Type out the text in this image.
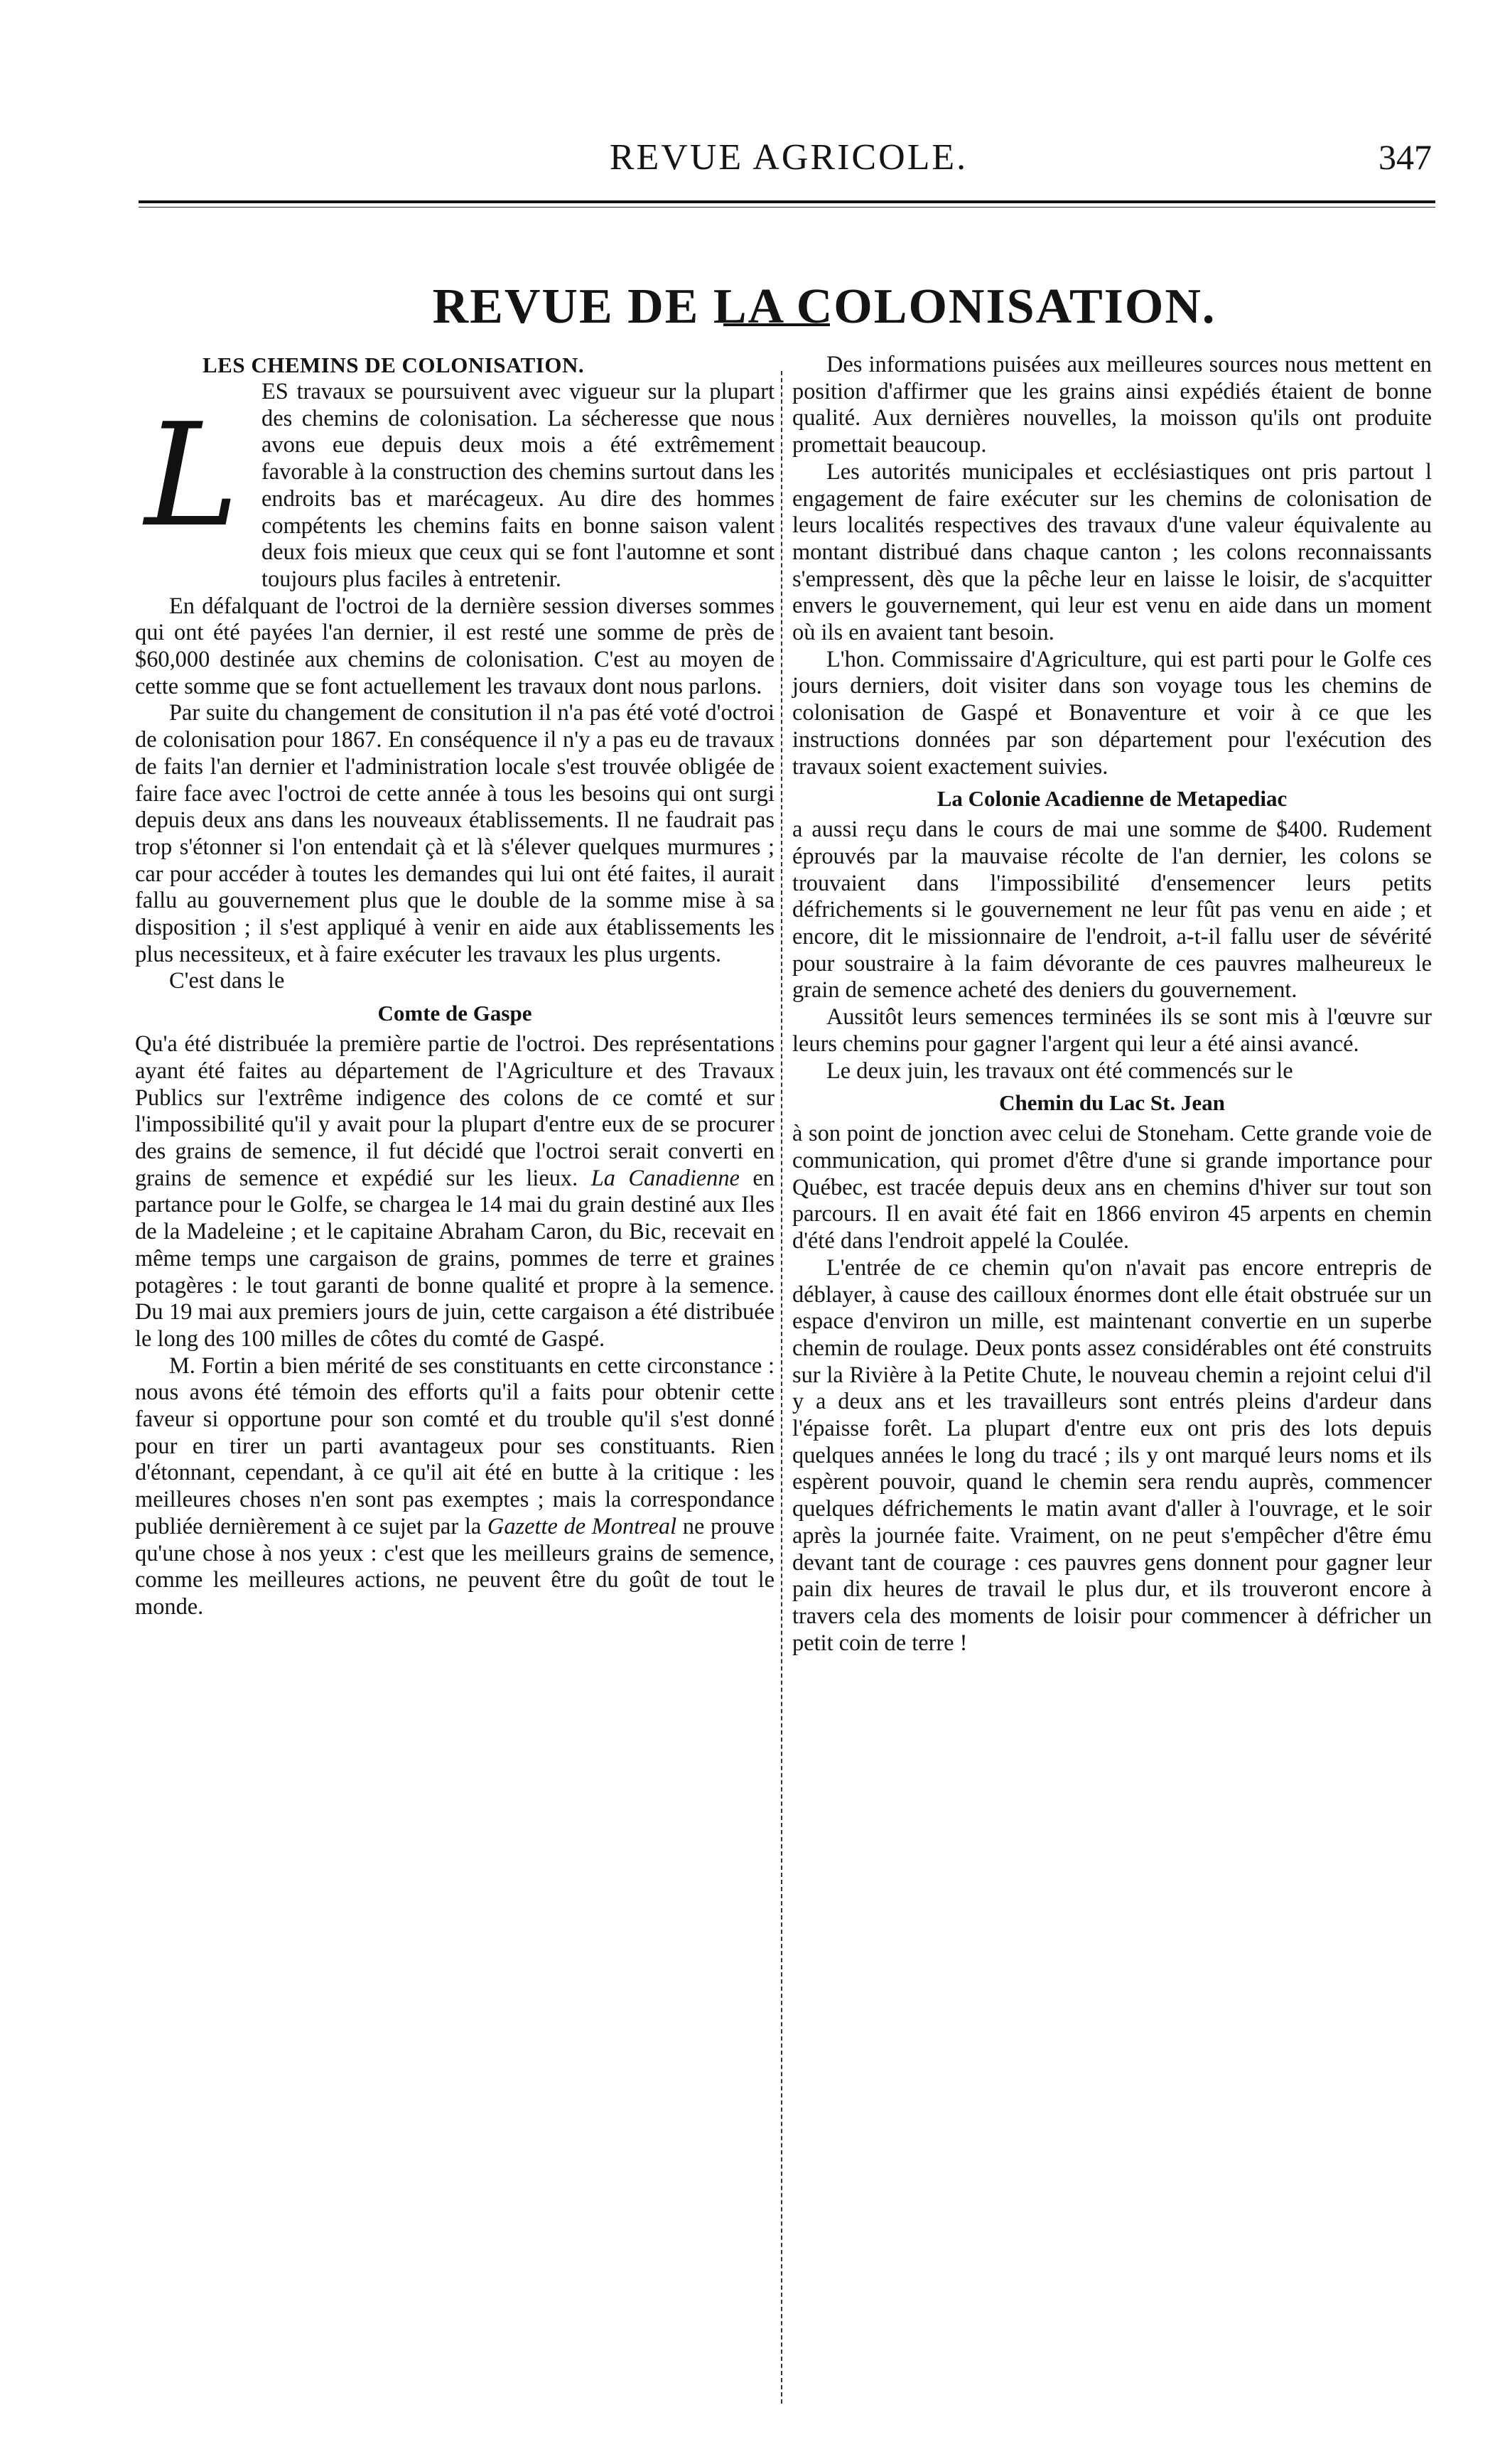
REVUE AGRICOLE.	347
REVUE DE LA COLONISATION.
LES CHEMINS DE COLONISATION.
L

ES travaux se poursuivent avec vigueur sur la plupart des chemins de colonisation. La sécheresse que nous avons eue depuis deux mois a été extrêmement favorable à la construction des chemins surtout dans les endroits bas et marécageux. Au dire des hommes compétents les chemins faits en bonne saison valent deux fois mieux que ceux qui se font l'automne et sont toujours plus faciles à entretenir.

En défalquant de l'octroi de la dernière session diverses sommes qui ont été payées l'an dernier, il est resté une somme de près de $60,000 destinée aux chemins de colonisation. C'est au moyen de cette somme que se font actuellement les travaux dont nous parlons.

Par suite du changement de consitution il n'a pas été voté d'octroi de colonisation pour 1867. En conséquence il n'y a pas eu de travaux de faits l'an dernier et l'administration locale s'est trouvée obligée de faire face avec l'octroi de cette année à tous les besoins qui ont surgi depuis deux ans dans les nouveaux établissements. Il ne faudrait pas trop s'étonner si l'on entendait çà et là s'élever quelques murmures ; car pour accéder à toutes les demandes qui lui ont été faites, il aurait fallu au gouvernement plus que le double de la somme mise à sa disposition ; il s'est appliqué à venir en aide aux établissements les plus necessiteux, et à faire exécuter les travaux les plus urgents.

C'est dans le

Comte de Gaspe

Qu'a été distribuée la première partie de l'octroi. Des représentations ayant été faites au département de l'Agriculture et des Travaux Publics sur l'extrême indigence des colons de ce comté et sur l'impossibilité qu'il y avait pour la plupart d'entre eux de se procurer des grains de semence, il fut décidé que l'octroi serait converti en grains de semence et expédié sur les lieux. La Canadienne en partance pour le Golfe, se chargea le 14 mai du grain destiné aux Iles de la Madeleine ; et le capitaine Abraham Caron, du Bic, recevait en même temps une cargaison de grains, pommes de terre et graines potagères : le tout garanti de bonne qualité et propre à la semence. Du 19 mai aux premiers jours de juin, cette cargaison a été distribuée le long des 100 milles de côtes du comté de Gaspé.

M. Fortin a bien mérité de ses constituants en cette circonstance : nous avons été témoin des efforts qu'il a faits pour obtenir cette faveur si opportune pour son comté et du trouble qu'il s'est donné pour en tirer un parti avantageux pour ses constituants. Rien d'étonnant, cependant, à ce qu'il ait été en butte à la critique : les meilleures choses n'en sont pas exemptes ; mais la correspondance publiée dernièrement à ce sujet par la Gazette de Montreal ne prouve qu'une chose à nos yeux : c'est que les meilleurs grains de semence, comme les meilleures actions, ne peuvent être du goût de tout le monde.

Des informations puisées aux meilleures sources nous mettent en position d'affirmer que les grains ainsi expédiés étaient de bonne qualité. Aux dernières nouvelles, la moisson qu'ils ont produite promettait beaucoup.

Les autorités municipales et ecclésiastiques ont pris partout l engagement de faire exécuter sur les chemins de colonisation de leurs localités respectives des travaux d'une valeur équivalente au montant distribué dans chaque canton ; les colons reconnaissants s'empressent, dès que la pêche leur en laisse le loisir, de s'acquitter envers le gouvernement, qui leur est venu en aide dans un moment où ils en avaient tant besoin.

L'hon. Commissaire d'Agriculture, qui est parti pour le Golfe ces jours derniers, doit visiter dans son voyage tous les chemins de colonisation de Gaspé et Bonaventure et voir à ce que les instructions données par son département pour l'exécution des travaux soient exactement suivies.

La Colonie Acadienne de Metapediac

a aussi reçu dans le cours de mai une somme de $400. Rudement éprouvés par la mauvaise récolte de l'an dernier, les colons se trouvaient dans l'impossibilité d'ensemencer leurs petits défrichements si le gouvernement ne leur fût pas venu en aide ; et encore, dit le missionnaire de l'endroit, a-t-il fallu user de sévérité pour soustraire à la faim dévorante de ces pauvres malheureux le grain de semence acheté des deniers du gouvernement.

Aussitôt leurs semences terminées ils se sont mis à l'œuvre sur leurs chemins pour gagner l'argent qui leur a été ainsi avancé.

Le deux juin, les travaux ont été commencés sur le

Chemin du Lac St. Jean

à son point de jonction avec celui de Stoneham. Cette grande voie de communication, qui promet d'être d'une si grande importance pour Québec, est tracée depuis deux ans en chemins d'hiver sur tout son parcours. Il en avait été fait en 1866 environ 45 arpents en chemin d'été dans l'endroit appelé la Coulée.

L'entrée de ce chemin qu'on n'avait pas encore entrepris de déblayer, à cause des cailloux énormes dont elle était obstruée sur un espace d'environ un mille, est maintenant convertie en un superbe chemin de roulage. Deux ponts assez considérables ont été construits sur la Rivière à la Petite Chute, le nouveau chemin a rejoint celui d'il y a deux ans et les travailleurs sont entrés pleins d'ardeur dans l'épaisse forêt. La plupart d'entre eux ont pris des lots depuis quelques années le long du tracé ; ils y ont marqué leurs noms et ils espèrent pouvoir, quand le chemin sera rendu auprès, commencer quelques défrichements le matin avant d'aller à l'ouvrage, et le soir après la journée faite. Vraiment, on ne peut s'empêcher d'être ému devant tant de courage : ces pauvres gens donnent pour gagner leur pain dix heures de travail le plus dur, et ils trouveront encore à travers cela des moments de loisir pour commencer à défricher un petit coin de terre !
